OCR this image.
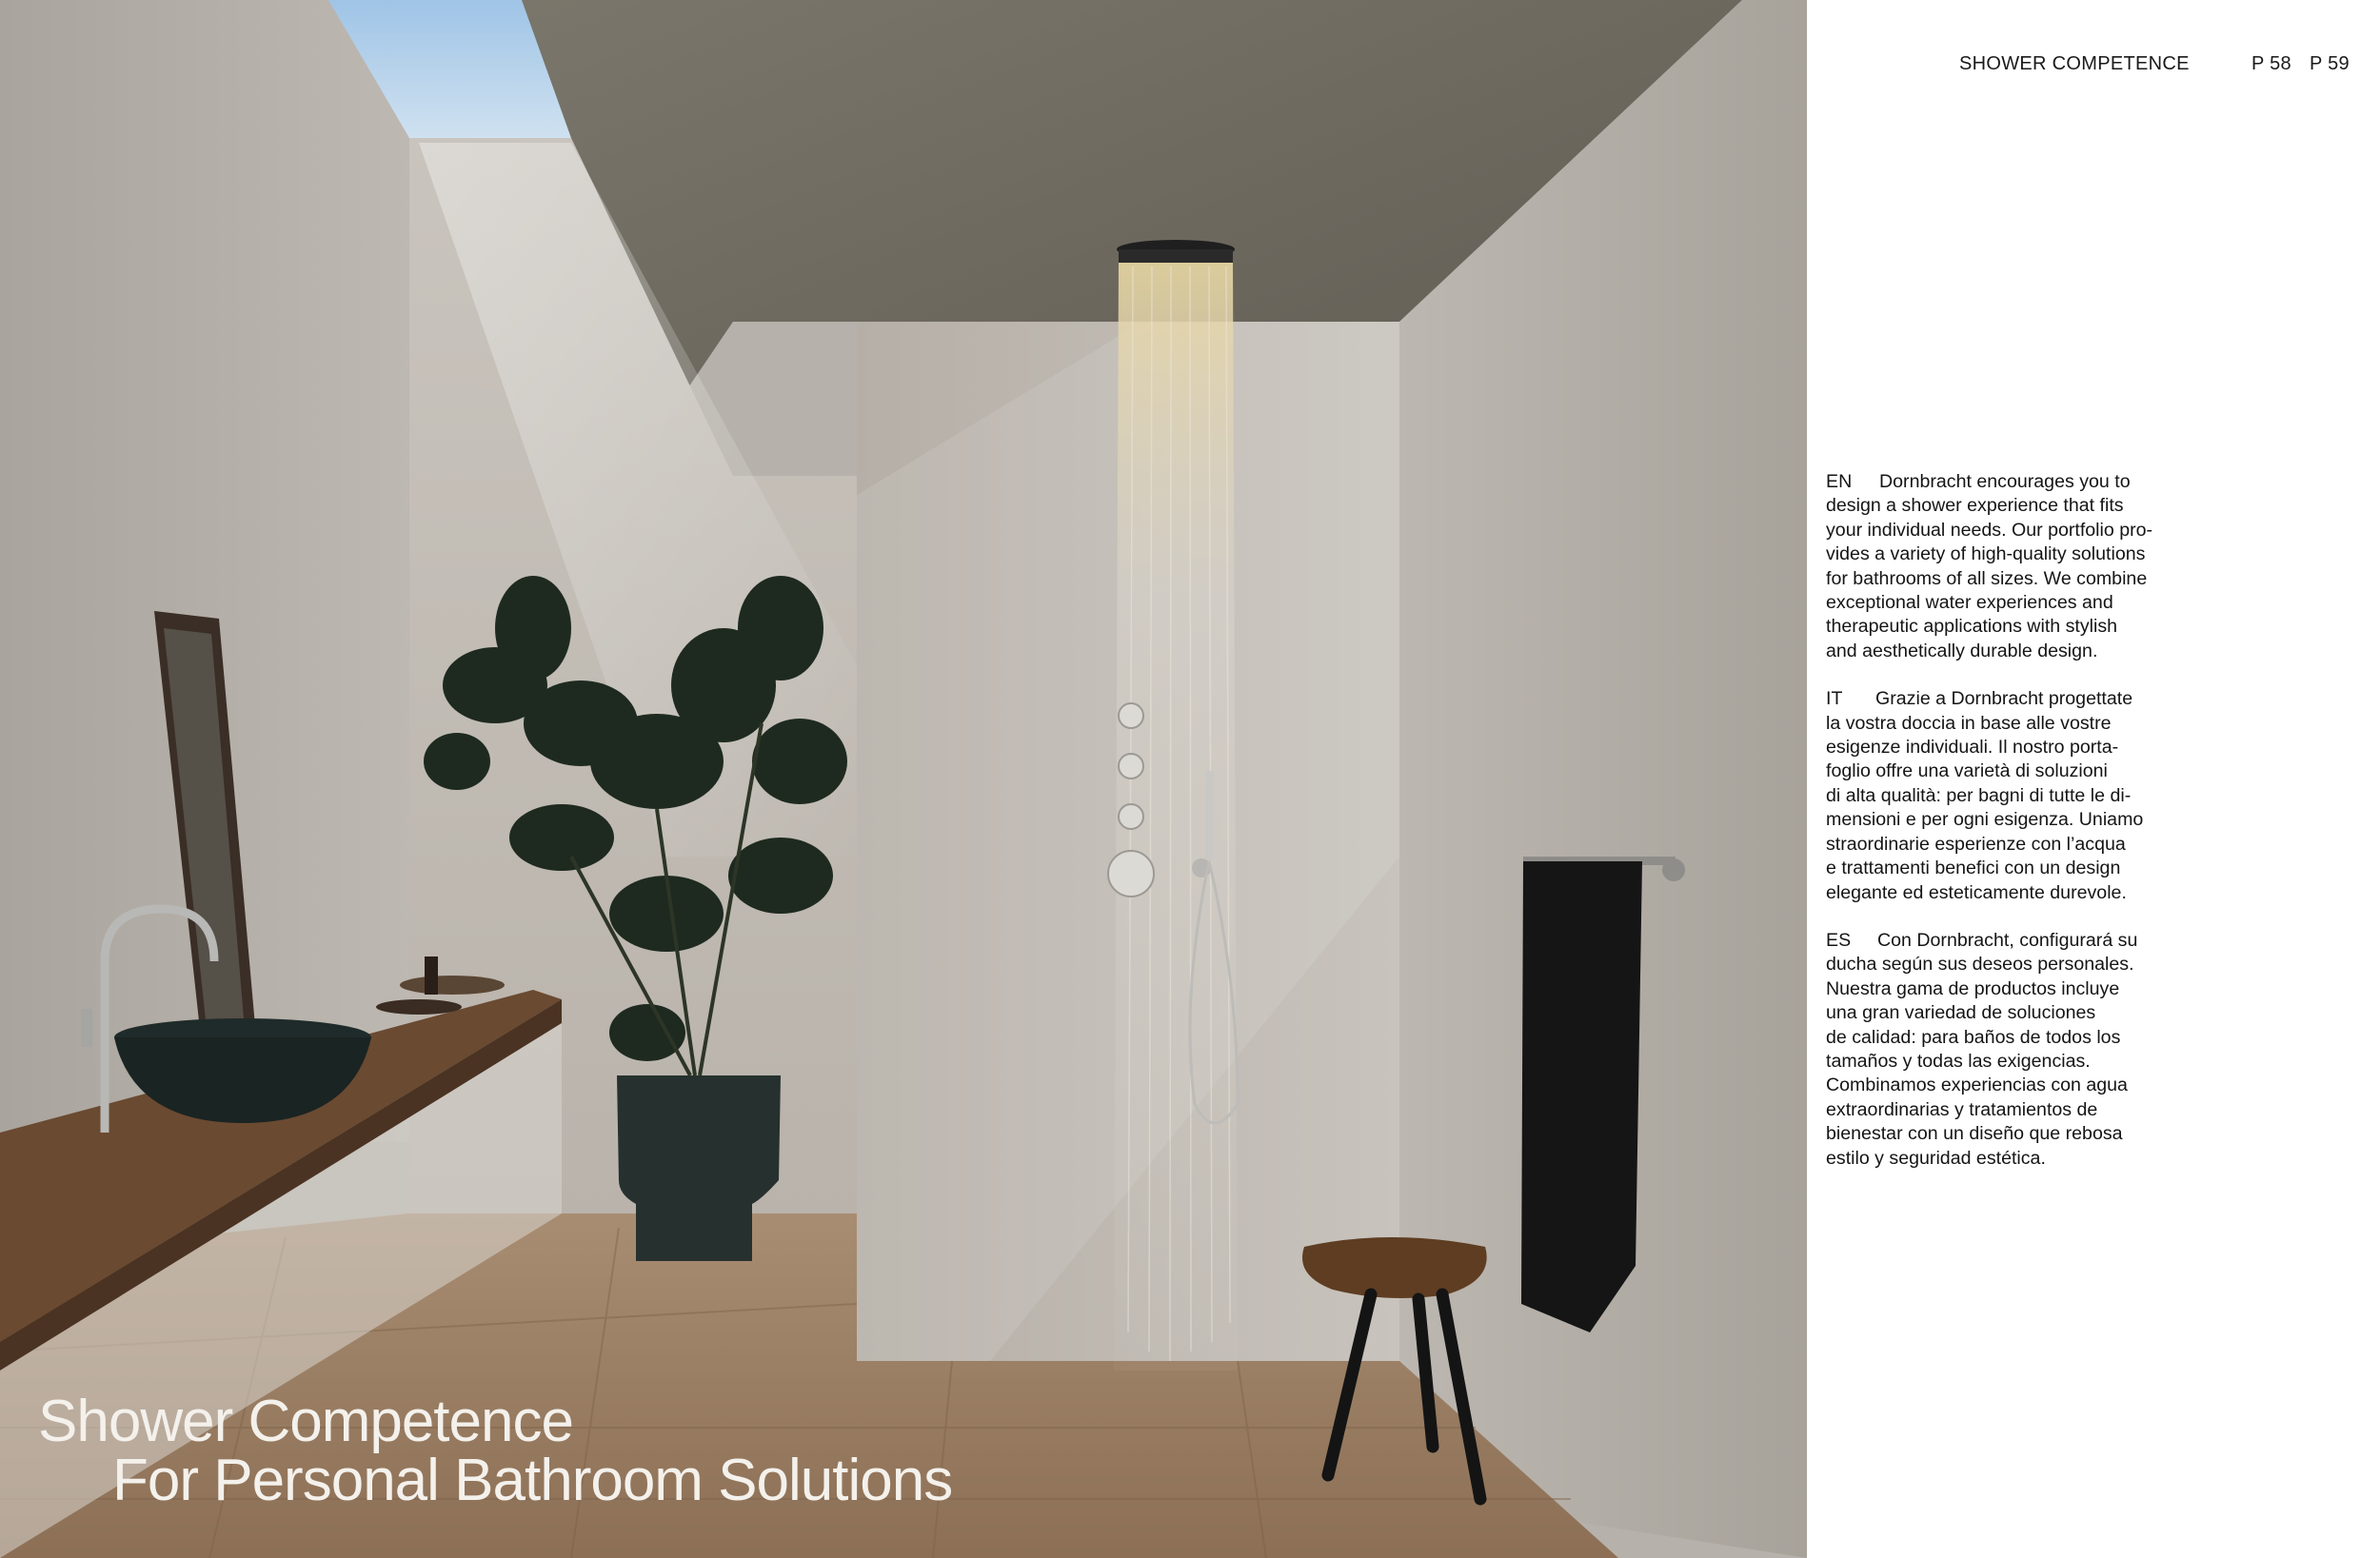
Shower Competence
For Personal Bathroom Solutions
SHOWER COMPETENCE	P 58 P 59

EN Dornbracht encourages you to
design a shower experience that fits
your individual needs. Our portfolio pro-
vides a variety of high-quality solutions
for bathrooms of all sizes. We combine
exceptional water experiences and
therapeutic applications with stylish
and aesthetically durable design.

IT Grazie a Dornbracht progettate
la vostra doccia in base alle vostre
esigenze individuali. Il nostro porta-
foglio offre una varietà di soluzioni
di alta qualità: per bagni di tutte le di-
mensioni e per ogni esigenza. Uniamo
straordinarie esperienze con l’acqua
e trattamenti benefici con un design
elegante ed esteticamente durevole.

ES Con Dornbracht, configurará su
ducha según sus deseos personales.
Nuestra gama de productos incluye
una gran variedad de soluciones
de calidad: para baños de todos los
tamaños y todas las exigencias.
Combinamos experiencias con agua
extraordinarias y tratamientos de
bienestar con un diseño que rebosa
estilo y seguridad estética.
